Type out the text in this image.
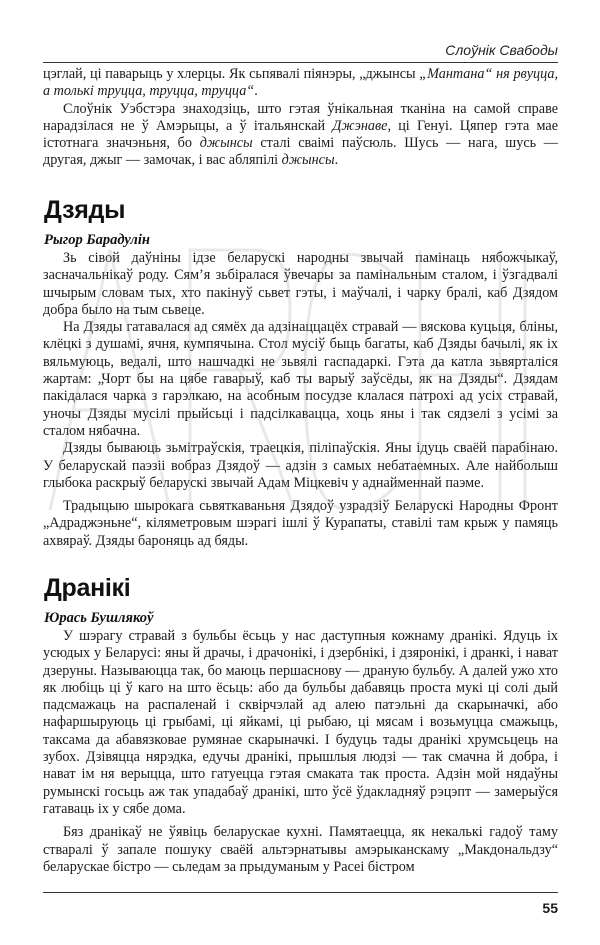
Слоўнік Свабоды

цэглай, ці паварыць у хлерцы. Як сьпявалі піянэры, „джынсы „Мантана“ ня рвуцца, а толькі труцца, труцца, труцца“.

Слоўнік Уэбстэра знаходзіць, што гэтая ўнікальная тканіна на самой справе нарадзілася не ў Амэрыцы, а ў італьянскай Джэнаве, ці Генуі. Цяпер гэта мае істотнага значэньня, бо джынсы сталі сваімі паўсюль. Шусь — нага, шусь — другая, джыг — замочак, і вас абляпілі джынсы.

Дзяды
Рыгор Барадулін

Зь сівой даўніны ідзе беларускі народны звычай памінаць нябожчыкаў, засначальнікаў роду. Сям’я зьбіралася ўвечары за памінальным сталом, і ўзгадвалі шчырым словам тых, хто пакінуў сьвет гэты, і маўчалі, і чарку бралі, каб Дзядом добра было на тым сьвеце.

На Дзяды гатавалася ад сямёх да адзінаццацёх стравай — вяскова куцьця, бліны, клёцкі з душамі, ячня, кумпячына. Стол мусіў быць багаты, каб Дзяды бачылі, як іх вяльмуюць, ведалі, што нашчадкі не зьвялі гаспадаркі. Гэта да катла зьвярталіся жартам: „Чорт бы на цябе гаварыў, каб ты варыў заўсёды, як на Дзяды“. Дзядам пакідалася чарка з гарэлкаю, на асобным посудзе клалася патрохі ад усіх стравай, уночы Дзяды мусілі прыйсьці і падсілкавацца, хоць яны і так сядзелі з усімі за сталом нябачна.

Дзяды бываюць зьмітраўскія, траецкія, піліпаўскія. Яны ідуць сваёй парабінаю. У беларускай паэзіі вобраз Дзядоў — адзін з самых небатаемных. Але найболыш глыбока раскрыў беларускі звычай Адам Міцкевіч у аднайменнай паэме.

Традыцыю шырокага сьвяткаваньня Дзядоў узрадзіў Беларускі Народны Фронт „Адраджэньне“, кіляметровым шэрагі ішлі ў Курапаты, ставілі там крыж у памяць ахвяраў. Дзяды бароняць ад бяды.

Дранікі
Юрась Бушлякоў

У шэрагу стравай з бульбы ёсьць у нас даступныя кожнаму дранікі. Ядуць іх усюдых у Беларусі: яны й драчы, і драчонікі, і дзербнікі, і дзяронікі, і дранкі, і нават дзеруны. Называюцца так, бо маюць першаснову — драную бульбу. А далей ужо хто як любіць ці ў каго на што ёсьць: або да бульбы дабавяць проста мукі ці солі дый падсмажаць на распаленай і сквірчэлай ад алею патэльні да скарыначкі, або нафаршыруюць ці грыбамі, ці яйкамі, ці рыбаю, ці мясам і возьмуцца смажыць, таксама да абавязковае румянае скарыначкі. І будуць тады дранікі хрумсьцець на зубох. Дзівяцца нярэдка, едучы дранікі, прышлыя людзі — так смачна й добра, і нават ім ня верыцца, што гатуецца гэтая смаката так проста. Адзін мой нядаўны румынскі госьць аж так упадабаў дранікі, што ўсё ўдакладняў рэцэпт — замерыўся гатаваць іх у сябе дома.

Бяз дранікаў не ўявіць беларускае кухні. Памятаецца, як некалькі гадоў таму стваралі ў запале пошуку сваёй альтэрнатывы амэрыканскаму „Макдональдзу“ беларускае бістро — сьледам за прыдуманым у Расеі бістром

55
